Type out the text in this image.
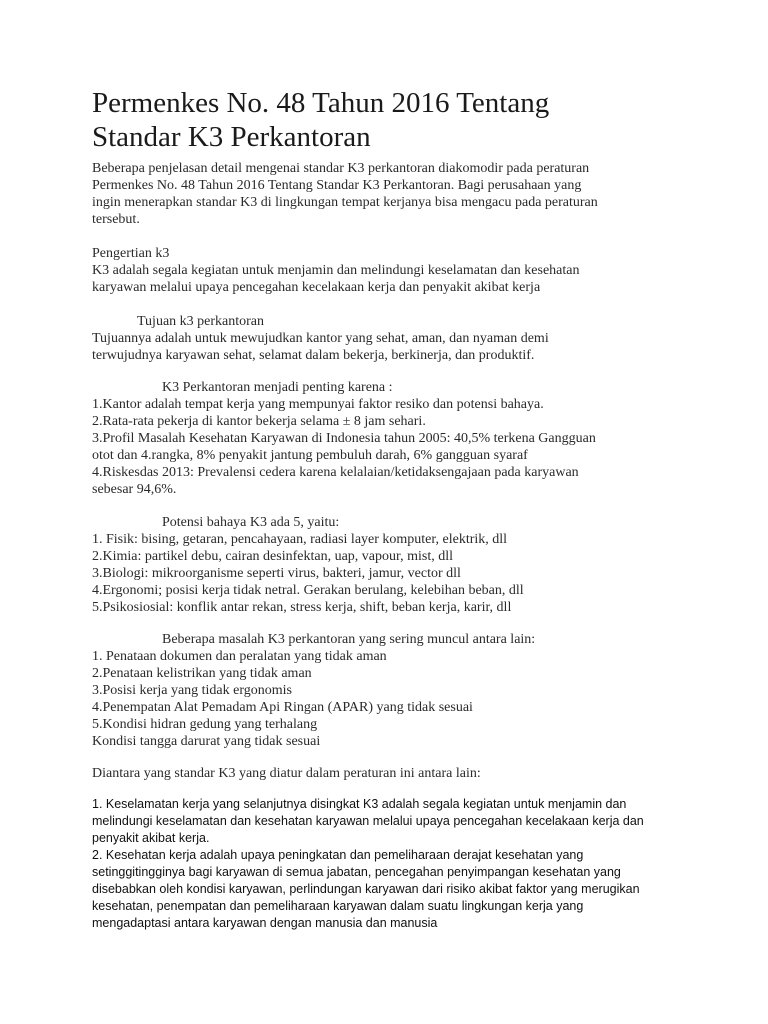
Permenkes No. 48 Tahun 2016 Tentang
Standar K3 Perkantoran
Beberapa penjelasan detail mengenai standar K3 perkantoran diakomodir pada peraturan
Permenkes No. 48 Tahun 2016 Tentang Standar K3 Perkantoran. Bagi perusahaan yang
ingin menerapkan standar K3 di lingkungan tempat kerjanya bisa mengacu pada peraturan
tersebut.
Pengertian k3
K3 adalah segala kegiatan untuk menjamin dan melindungi keselamatan dan kesehatan
karyawan melalui upaya pencegahan kecelakaan kerja dan penyakit akibat kerja
Tujuan k3 perkantoran
Tujuannya adalah untuk mewujudkan kantor yang sehat, aman, dan nyaman demi
terwujudnya karyawan sehat, selamat dalam bekerja, berkinerja, dan produktif.
K3 Perkantoran menjadi penting karena :
1.Kantor adalah tempat kerja yang mempunyai faktor resiko dan potensi bahaya.
2.Rata-rata pekerja di kantor bekerja selama ± 8 jam sehari.
3.Profil Masalah Kesehatan Karyawan di Indonesia tahun 2005: 40,5% terkena Gangguan
otot dan 4.rangka, 8% penyakit jantung pembuluh darah, 6% gangguan syaraf
4.Riskesdas 2013: Prevalensi cedera karena kelalaian/ketidaksengajaan pada karyawan
sebesar 94,6%.
Potensi bahaya K3 ada 5, yaitu:
1. Fisik: bising, getaran, pencahayaan, radiasi layer komputer, elektrik, dll
2.Kimia: partikel debu, cairan desinfektan, uap, vapour, mist, dll
3.Biologi: mikroorganisme seperti virus, bakteri, jamur, vector dll
4.Ergonomi; posisi kerja tidak netral. Gerakan berulang, kelebihan beban, dll
5.Psikosiosial: konflik antar rekan, stress kerja, shift, beban kerja, karir, dll
Beberapa masalah K3 perkantoran yang sering muncul antara lain:
1. Penataan dokumen dan peralatan yang tidak aman
2.Penataan kelistrikan yang tidak aman
3.Posisi kerja yang tidak ergonomis
4.Penempatan Alat Pemadam Api Ringan (APAR) yang tidak sesuai
5.Kondisi hidran gedung yang terhalang
Kondisi tangga darurat yang tidak sesuai
Diantara yang standar K3 yang diatur dalam peraturan ini antara lain:
1. Keselamatan kerja yang selanjutnya disingkat K3 adalah segala kegiatan untuk menjamin dan
melindungi keselamatan dan kesehatan karyawan melalui upaya pencegahan kecelakaan kerja dan
penyakit akibat kerja.
2. Kesehatan kerja adalah upaya peningkatan dan pemeliharaan derajat kesehatan yang
setinggitingginya bagi karyawan di semua jabatan, pencegahan penyimpangan kesehatan yang
disebabkan oleh kondisi karyawan, perlindungan karyawan dari risiko akibat faktor yang merugikan
kesehatan, penempatan dan pemeliharaan karyawan dalam suatu lingkungan kerja yang
mengadaptasi antara karyawan dengan manusia dan manusia
